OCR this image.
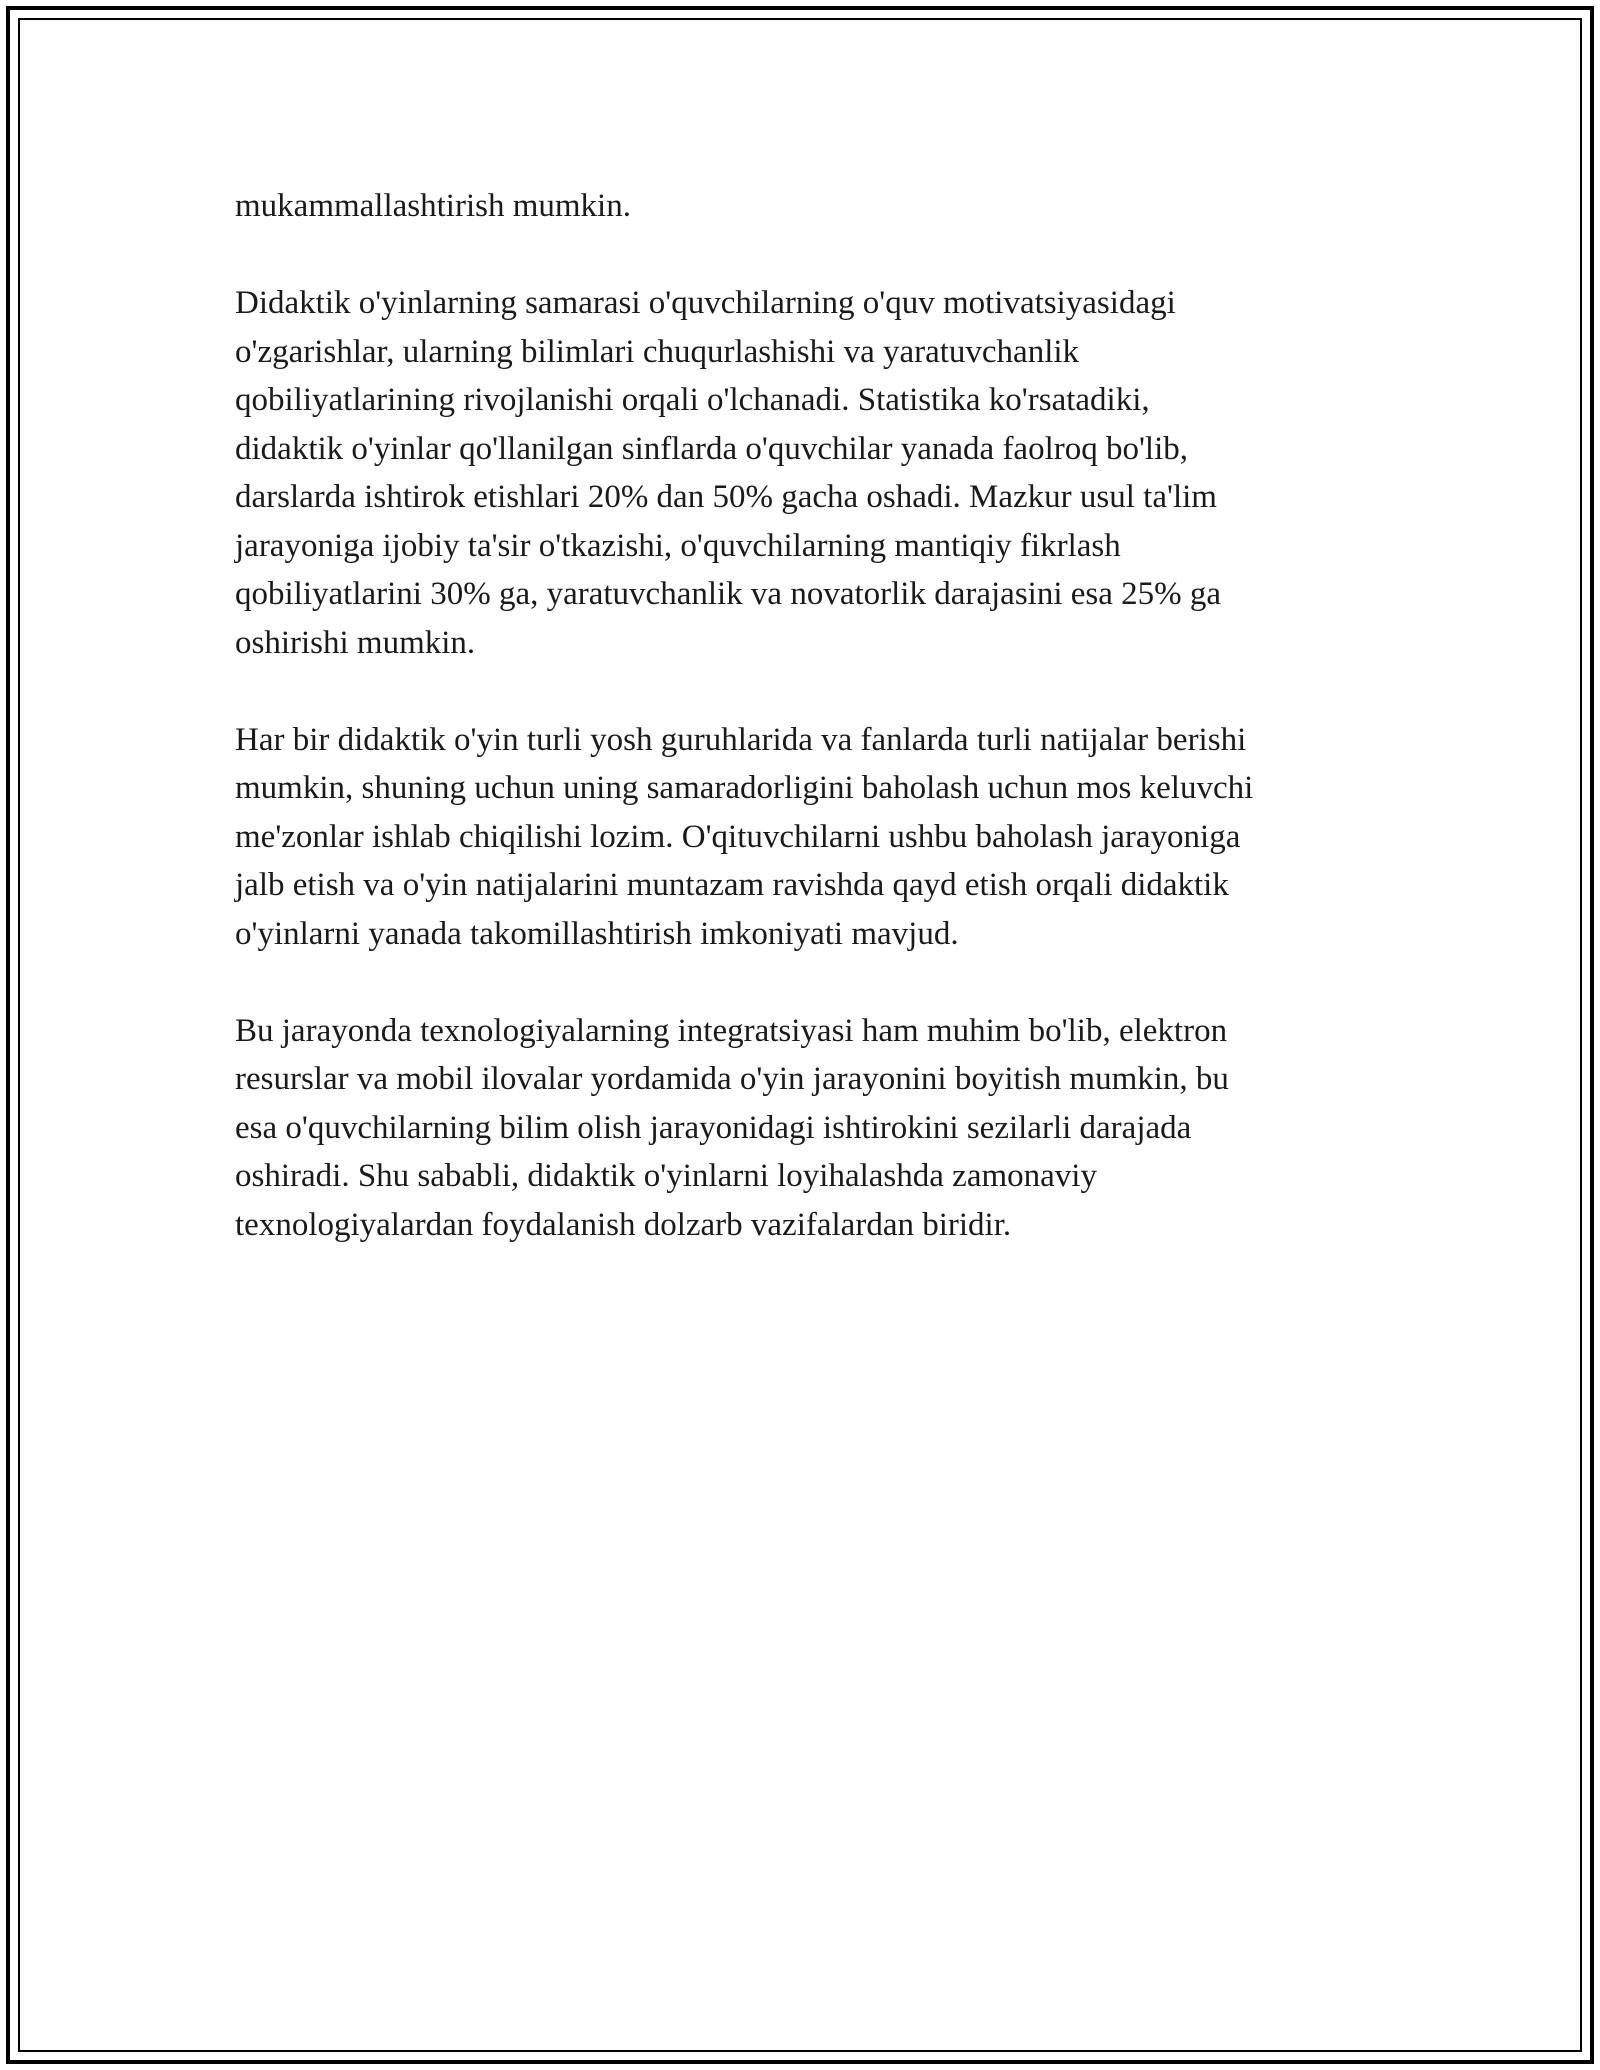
mukammallashtirish mumkin.

Didaktik o'yinlarning samarasi o'quvchilarning o'quv motivatsiyasidagi
o'zgarishlar, ularning bilimlari chuqurlashishi va yaratuvchanlik
qobiliyatlarining rivojlanishi orqali o'lchanadi. Statistika ko'rsatadiki,
didaktik o'yinlar qo'llanilgan sinflarda o'quvchilar yanada faolroq bo'lib,
darslarda ishtirok etishlari 20% dan 50% gacha oshadi. Mazkur usul ta'lim
jarayoniga ijobiy ta'sir o'tkazishi, o'quvchilarning mantiqiy fikrlash
qobiliyatlarini 30% ga, yaratuvchanlik va novatorlik darajasini esa 25% ga
oshirishi mumkin.

Har bir didaktik o'yin turli yosh guruhlarida va fanlarda turli natijalar berishi
mumkin, shuning uchun uning samaradorligini baholash uchun mos keluvchi
me'zonlar ishlab chiqilishi lozim. O'qituvchilarni ushbu baholash jarayoniga
jalb etish va o'yin natijalarini muntazam ravishda qayd etish orqali didaktik
o'yinlarni yanada takomillashtirish imkoniyati mavjud.

Bu jarayonda texnologiyalarning integratsiyasi ham muhim bo'lib, elektron
resurslar va mobil ilovalar yordamida o'yin jarayonini boyitish mumkin, bu
esa o'quvchilarning bilim olish jarayonidagi ishtirokini sezilarli darajada
oshiradi. Shu sababli, didaktik o'yinlarni loyihalashda zamonaviy
texnologiyalardan foydalanish dolzarb vazifalardan biridir.
